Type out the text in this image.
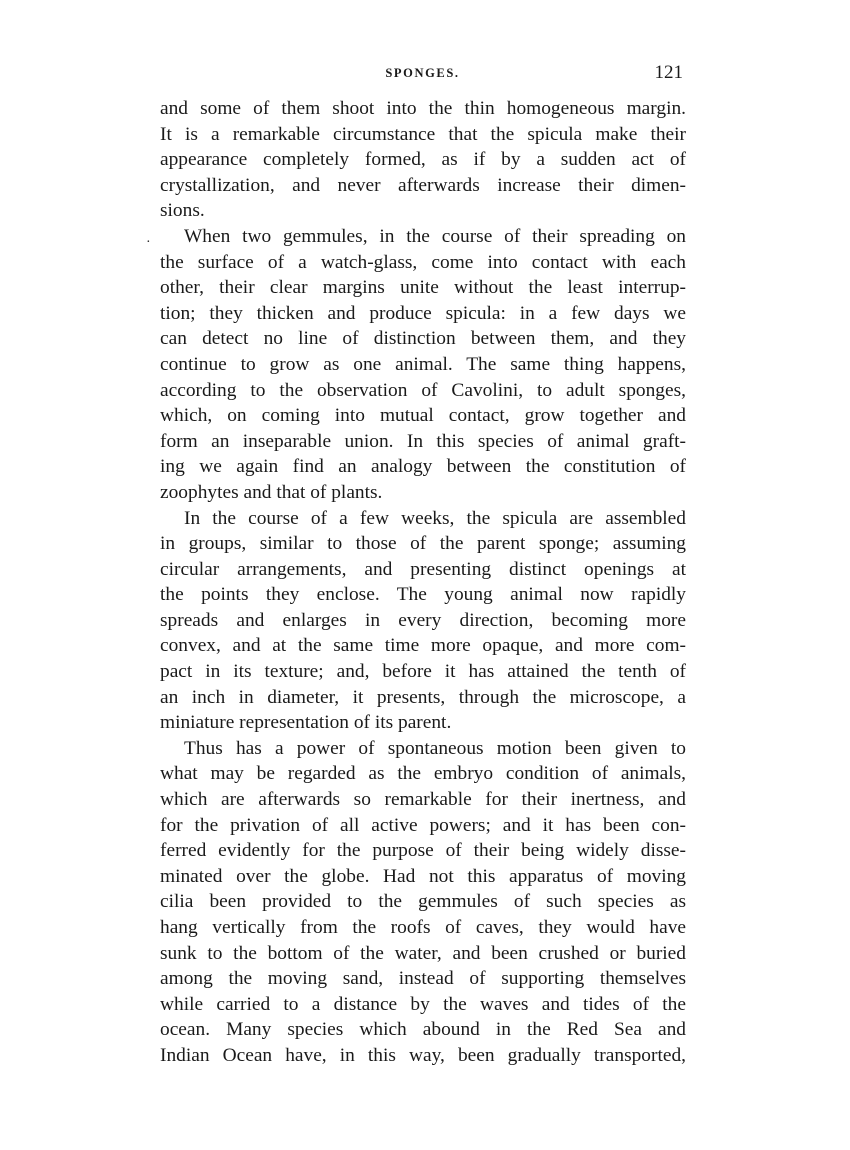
SPONGES.	121
·
and some of them shoot into the thin homogeneous margin.
It is a remarkable circumstance that the spicula make their
appearance completely formed, as if by a sudden act of
crystallization, and never afterwards increase their dimen-
sions.
When two gemmules, in the course of their spreading on
the surface of a watch-glass, come into contact with each
other, their clear margins unite without the least interrup-
tion; they thicken and produce spicula: in a few days we
can detect no line of distinction between them, and they
continue to grow as one animal. The same thing happens,
according to the observation of Cavolini, to adult sponges,
which, on coming into mutual contact, grow together and
form an inseparable union. In this species of animal graft-
ing we again find an analogy between the constitution of
zoophytes and that of plants.
In the course of a few weeks, the spicula are assembled
in groups, similar to those of the parent sponge; assuming
circular arrangements, and presenting distinct openings at
the points they enclose. The young animal now rapidly
spreads and enlarges in every direction, becoming more
convex, and at the same time more opaque, and more com-
pact in its texture; and, before it has attained the tenth of
an inch in diameter, it presents, through the microscope, a
miniature representation of its parent.
Thus has a power of spontaneous motion been given to
what may be regarded as the embryo condition of animals,
which are afterwards so remarkable for their inertness, and
for the privation of all active powers; and it has been con-
ferred evidently for the purpose of their being widely disse-
minated over the globe. Had not this apparatus of moving
cilia been provided to the gemmules of such species as
hang vertically from the roofs of caves, they would have
sunk to the bottom of the water, and been crushed or buried
among the moving sand, instead of supporting themselves
while carried to a distance by the waves and tides of the
ocean. Many species which abound in the Red Sea and
Indian Ocean have, in this way, been gradually transported,
